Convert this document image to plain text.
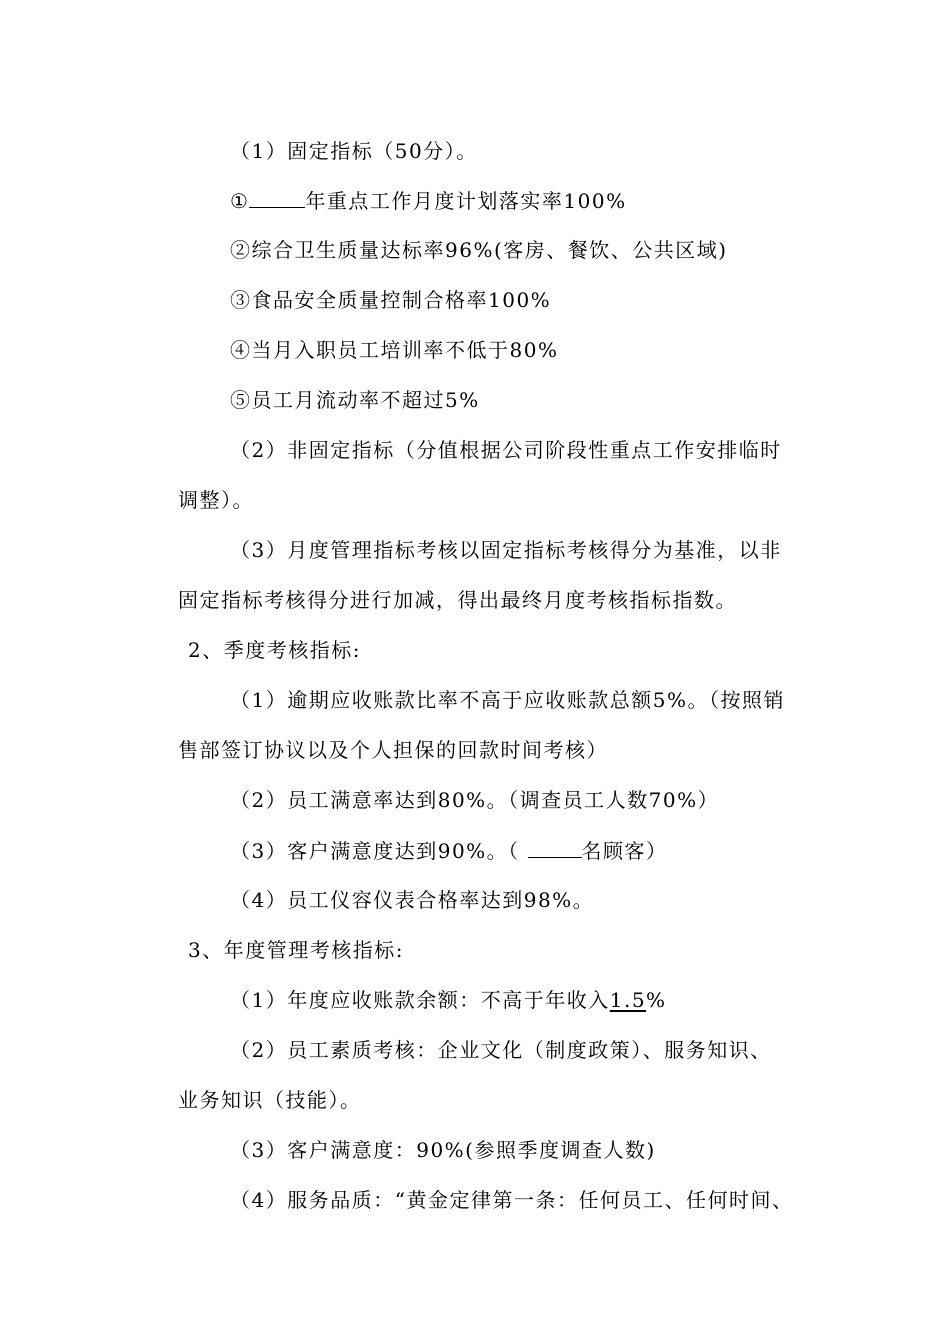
（1）固定指标（50分）。
①	年重点工作月度计划落实率100%
②综合卫生质量达标率96%(客房、餐饮、公共区域)
③食品安全质量控制合格率100%
④当月入职员工培训率不低于80%
⑤员工月流动率不超过5%
（2）非固定指标（分值根据公司阶段性重点工作安排临时
调整）。
（3）月度管理指标考核以固定指标考核得分为基准，以非
固定指标考核得分进行加减，得出最终月度考核指标指数。
2、季度考核指标:
（1）逾期应收账款比率不高于应收账款总额5%。（按照销
售部签订协议以及个人担保的回款时间考核）
（2）员工满意率达到80%。（调查员工人数70%）
（3）客户满意度达到90%。（	名顾客）
（4）员工仪容仪表合格率达到98%。
3、年度管理考核指标:
（1）年度应收账款余额：不高于年收入1.5%
（2）员工素质考核：企业文化（制度政策）、服务知识、
业务知识（技能）。
（3）客户满意度：90%(参照季度调查人数)
（4）服务品质：“黄金定律第一条：任何员工、任何时间、
